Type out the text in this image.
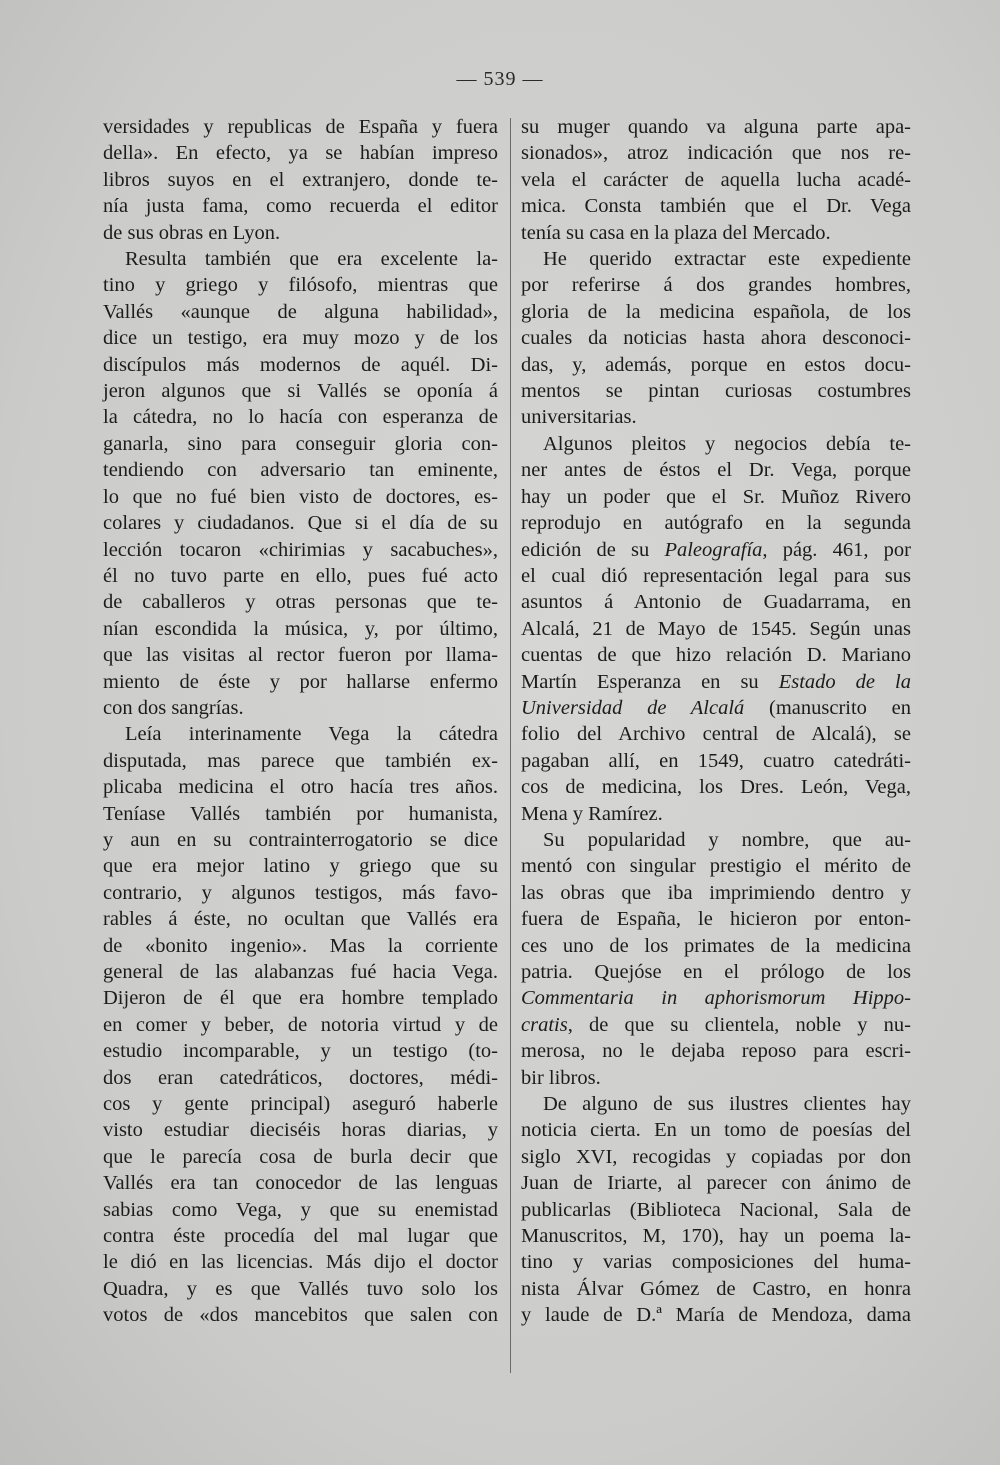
— 539 —
versidades y republicas de España y fuera
della». En efecto, ya se habían impreso
libros suyos en el extranjero, donde te-
nía justa fama, como recuerda el editor
de sus obras en Lyon.
Resulta también que era excelente la-
tino y griego y filósofo, mientras que
Vallés «aunque de alguna habilidad»,
dice un testigo, era muy mozo y de los
discípulos más modernos de aquél. Di-
jeron algunos que si Vallés se oponía á
la cátedra, no lo hacía con esperanza de
ganarla, sino para conseguir gloria con-
tendiendo con adversario tan eminente,
lo que no fué bien visto de doctores, es-
colares y ciudadanos. Que si el día de su
lección tocaron «chirimias y sacabuches»,
él no tuvo parte en ello, pues fué acto
de caballeros y otras personas que te-
nían escondida la música, y, por último,
que las visitas al rector fueron por llama-
miento de éste y por hallarse enfermo
con dos sangrías.
Leía interinamente Vega la cátedra
disputada, mas parece que también ex-
plicaba medicina el otro hacía tres años.
Teníase Vallés también por humanista,
y aun en su contrainterrogatorio se dice
que era mejor latino y griego que su
contrario, y algunos testigos, más favo-
rables á éste, no ocultan que Vallés era
de «bonito ingenio». Mas la corriente
general de las alabanzas fué hacia Vega.
Dijeron de él que era hombre templado
en comer y beber, de notoria virtud y de
estudio incomparable, y un testigo (to-
dos eran catedráticos, doctores, médi-
cos y gente principal) aseguró haberle
visto estudiar dieciséis horas diarias, y
que le parecía cosa de burla decir que
Vallés era tan conocedor de las lenguas
sabias como Vega, y que su enemistad
contra éste procedía del mal lugar que
le dió en las licencias. Más dijo el doctor
Quadra, y es que Vallés tuvo solo los
votos de «dos mancebitos que salen con
su muger quando va alguna parte apa-
sionados», atroz indicación que nos re-
vela el carácter de aquella lucha acadé-
mica. Consta también que el Dr. Vega
tenía su casa en la plaza del Mercado.
He querido extractar este expediente
por referirse á dos grandes hombres,
gloria de la medicina española, de los
cuales da noticias hasta ahora desconoci-
das, y, además, porque en estos docu-
mentos se pintan curiosas costumbres
universitarias.
Algunos pleitos y negocios debía te-
ner antes de éstos el Dr. Vega, porque
hay un poder que el Sr. Muñoz Rivero
reprodujo en autógrafo en la segunda
edición de su Paleografía, pág. 461, por
el cual dió representación legal para sus
asuntos á Antonio de Guadarrama, en
Alcalá, 21 de Mayo de 1545. Según unas
cuentas de que hizo relación D. Mariano
Martín Esperanza en su Estado de la
Universidad de Alcalá (manuscrito en
folio del Archivo central de Alcalá), se
pagaban allí, en 1549, cuatro catedráti-
cos de medicina, los Dres. León, Vega,
Mena y Ramírez.
Su popularidad y nombre, que au-
mentó con singular prestigio el mérito de
las obras que iba imprimiendo dentro y
fuera de España, le hicieron por enton-
ces uno de los primates de la medicina
patria. Quejóse en el prólogo de los
Commentaria in aphorismorum Hippo-
cratis, de que su clientela, noble y nu-
merosa, no le dejaba reposo para escri-
bir libros.
De alguno de sus ilustres clientes hay
noticia cierta. En un tomo de poesías del
siglo XVI, recogidas y copiadas por don
Juan de Iriarte, al parecer con ánimo de
publicarlas (Biblioteca Nacional, Sala de
Manuscritos, M, 170), hay un poema la-
tino y varias composiciones del huma-
nista Álvar Gómez de Castro, en honra
y laude de D.ª María de Mendoza, dama
